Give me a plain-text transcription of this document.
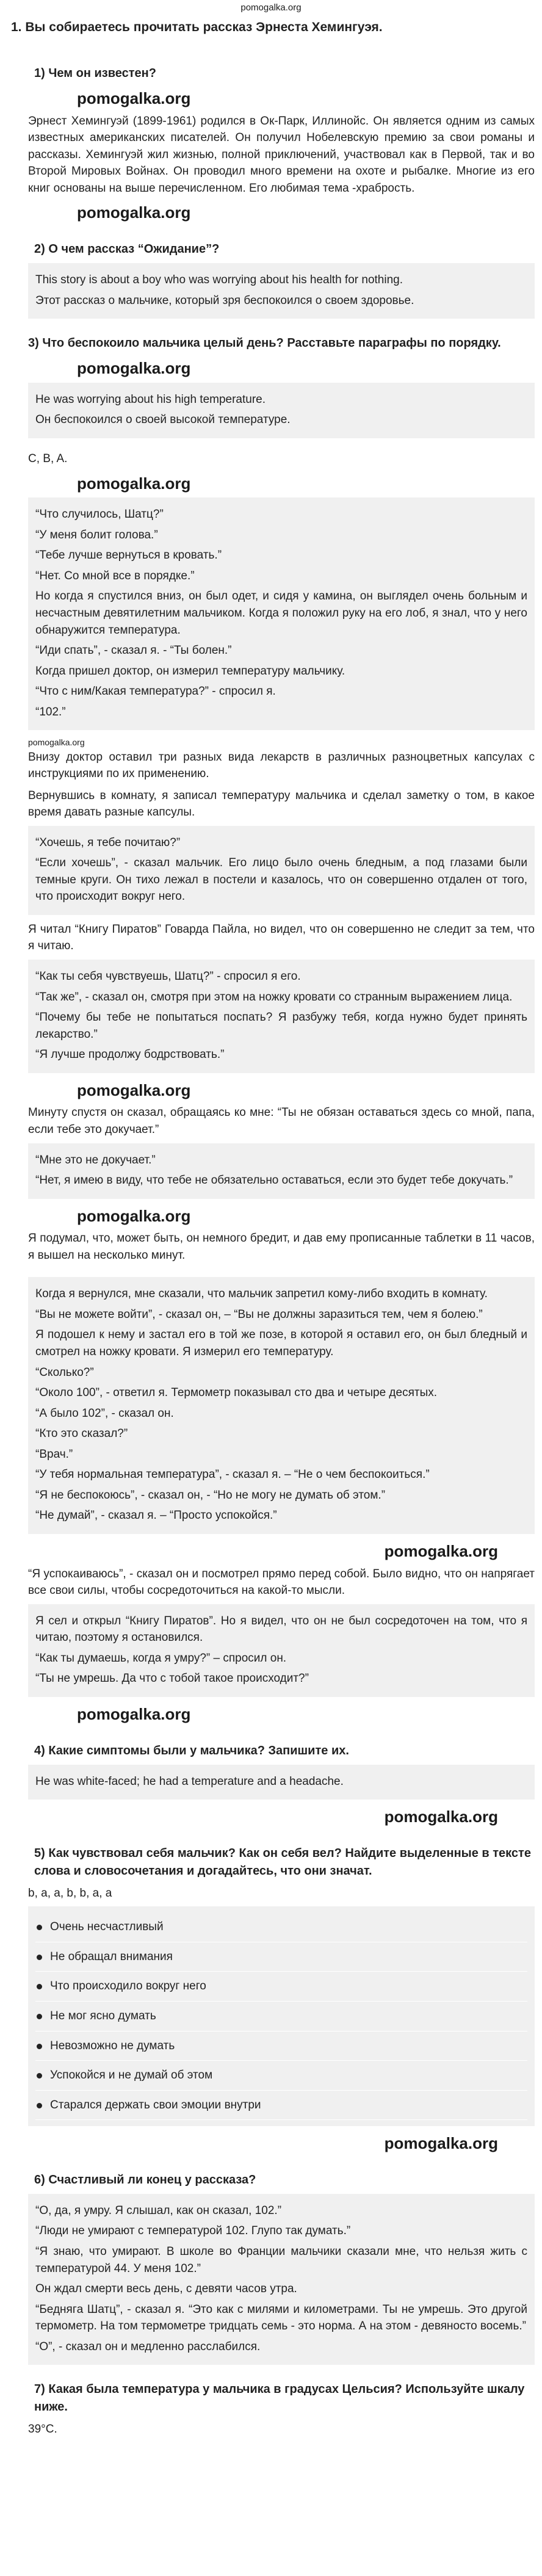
pomogalka.org
1. Вы собираетесь прочитать рассказ Эрнеста Хемингуэя.
1) Чем он известен?
pomogalka.org

Эрнест Хемингуэй (1899-1961) родился в Ок-Парк, Иллинойс. Он является одним из самых известных американских писателей. Он получил Нобелевскую премию за свои романы и рассказы. Хемингуэй жил жизнью, полной приключений, участвовал как в Первой, так и во Второй Мировых Войнах. Он проводил много времени на охоте и рыбалке. Многие из его книг основаны на выше перечисленном. Его любимая тема -храбрость.

pomogalka.org
2) О чем рассказ “Ожидание”?

This story is about a boy who was worrying about his health for nothing.

Этот рассказ о мальчике, который зря беспокоился о своем здоровье.

3) Что беспокоило мальчика целый день? Расставьте параграфы по порядку.
pomogalka.org

He was worrying about his high temperature.

Он беспокоился о своей высокой температуре.

C, B, A.

pomogalka.org

“Что случилось, Шатц?”

“У меня болит голова.”

“Тебе лучше вернуться в кровать.”

“Нет. Со мной все в порядке.”

Но когда я спустился вниз, он был одет, и сидя у камина, он выглядел очень больным и несчастным девятилетним мальчиком. Когда я положил руку на его лоб, я знал, что у него обнаружится температура.

“Иди спать”, - сказал я. - “Ты болен.”

Когда пришел доктор, он измерил температуру мальчику.

“Что с ним/Какая температура?” - спросил я.

“102.”

pomogalka.org

Внизу доктор оставил три разных вида лекарств в различных разноцветных капсулах с инструкциями по их применению.

Вернувшись в комнату, я записал температуру мальчика и сделал заметку о том, в какое время давать разные капсулы.

“Хочешь, я тебе почитаю?”

“Если хочешь”, - сказал мальчик. Его лицо было очень бледным, а под глазами были темные круги. Он тихо лежал в постели и казалось, что он совершенно отдален от того, что происходит вокруг него.

Я читал “Книгу Пиратов” Говарда Пайла, но видел, что он совершенно не следит за тем, что я читаю.

“Как ты себя чувствуешь, Шатц?” - спросил я его.

“Так же”, - сказал он, смотря при этом на ножку кровати со странным выражением лица.

“Почему бы тебе не попытаться поспать? Я разбужу тебя, когда нужно будет принять лекарство.”

“Я лучше продолжу бодрствовать.”

pomogalka.org

Минуту спустя он сказал, обращаясь ко мне: “Ты не обязан оставаться здесь со мной, папа, если тебе это докучает.”

“Мне это не докучает.”

“Нет, я имею в виду, что тебе не обязательно оставаться, если это будет тебе докучать.”

pomogalka.org

Я подумал, что, может быть, он немного бредит, и дав ему прописанные таблетки в 11 часов, я вышел на несколько минут.

Когда я вернулся, мне сказали, что мальчик запретил кому-либо входить в комнату.

“Вы не можете войти”, - сказал он, – “Вы не должны заразиться тем, чем я болею.”

Я подошел к нему и застал его в той же позе, в которой я оставил его, он был бледный и смотрел на ножку кровати. Я измерил его температуру.

“Сколько?”

“Около 100”, - ответил я. Термометр показывал сто два и четыре десятых.

“А было 102”, - сказал он.

“Кто это сказал?”

“Врач.”

“У тебя нормальная температура”, - сказал я. – “Не о чем беспокоиться.”

“Я не беспокоюсь”, - сказал он, - “Но не могу не думать об этом.”

“Не думай”, - сказал я. – “Просто успокойся.”

pomogalka.org

“Я успокаиваюсь”, - сказал он и посмотрел прямо перед собой. Было видно, что он напрягает все свои силы, чтобы сосредоточиться на какой-то мысли.

Я сел и открыл “Книгу Пиратов”. Но я видел, что он не был сосредоточен на том, что я читаю, поэтому я остановился.

“Как ты думаешь, когда я умру?” – спросил он.

“Ты не умрешь. Да что с тобой такое происходит?”

pomogalka.org
4) Какие симптомы были у мальчика? Запишите их.

He was white-faced; he had a temperature and a headache.

pomogalka.org
5) Как чувствовал себя мальчик? Как он себя вел? Найдите выделенные в тексте слова и словосочетания и догадайтесь, что они значат.

b, a, a, b, b, a, a

Очень несчастливый
Не обращал внимания
Что происходило вокруг него
Не мог ясно думать
Невозможно не думать
Успокойся и не думай об этом
Старался держать свои эмоции внутри
pomogalka.org
6) Счастливый ли конец у рассказа?

“О, да, я умру. Я слышал, как он сказал, 102.”

“Люди не умирают с температурой 102. Глупо так думать.”

“Я знаю, что умирают. В школе во Франции мальчики сказали мне, что нельзя жить с температурой 44. У меня 102.”

Он ждал смерти весь день, с девяти часов утра.

“Беднягa Шатц”, - сказал я. “Это как с милями и километрами. Ты не умрешь. Это другой термометр. На том термометре тридцать семь - это норма. А на этом - девяносто восемь.”

“О”, - сказал он и медленно расслабился.

7) Какая была температура у мальчика в градусах Цельсия? Используйте шкалу ниже.

39°С.
